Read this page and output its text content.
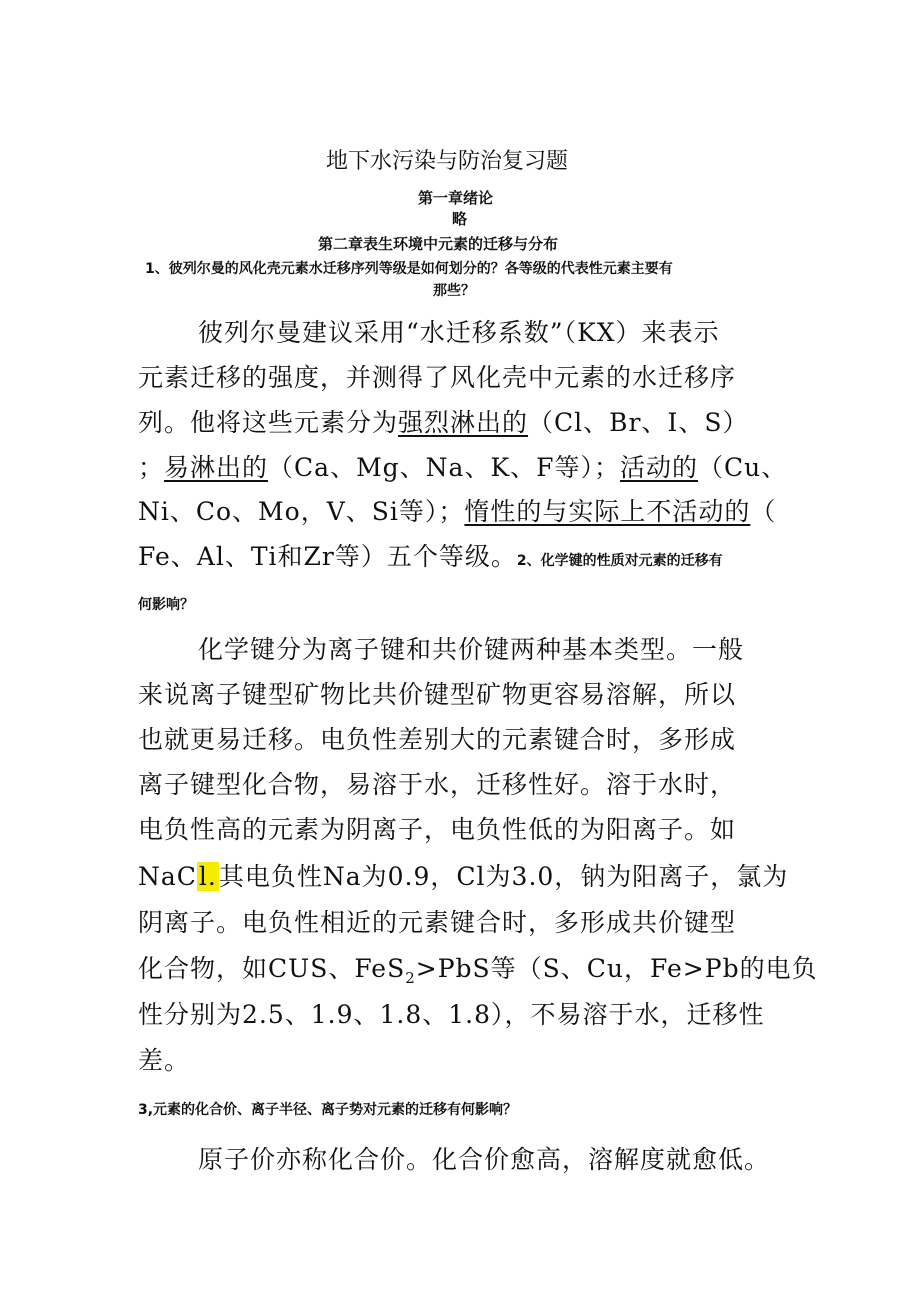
地下水污染与防治复习题
第一章绪论
略
第二章表生环境中元素的迁移与分布
1、彼列尔曼的风化壳元素水迁移序列等级是如何划分的？各等级的代表性元素主要有
那些？
彼列尔曼建议采用“水迁移系数”（KX）来表示
元素迁移的强度，并测得了风化壳中元素的水迁移序
列。他将这些元素分为强烈淋出的（Cl、Br、I、S）
；易淋出的（Ca、Mg、Na、K、F等）；活动的（Cu、
Ni、Co、Mo，V、Si等）；惰性的与实际上不活动的（
Fe、Al、Ti和Zr等）五个等级。2、化学键的性质对元素的迁移有
何影响？
化学键分为离子键和共价键两种基本类型。一般
来说离子键型矿物比共价键型矿物更容易溶解，所以
也就更易迁移。电负性差别大的元素键合时，多形成
离子键型化合物，易溶于水，迁移性好。溶于水时，
电负性高的元素为阴离子，电负性低的为阳离子。如
NaCl.其电负性Na为0.9，Cl为3.0，钠为阳离子，氯为
阴离子。电负性相近的元素键合时，多形成共价键型
化合物，如CUS、FeS$_2$>PbS等（S、Cu，Fe>Pb的电负
性分别为2.5、1.9、1.8、1.8），不易溶于水，迁移性
差。
3,元素的化合价、离子半径、离子势对元素的迁移有何影响？
原子价亦称化合价。化合价愈高，溶解度就愈低。
